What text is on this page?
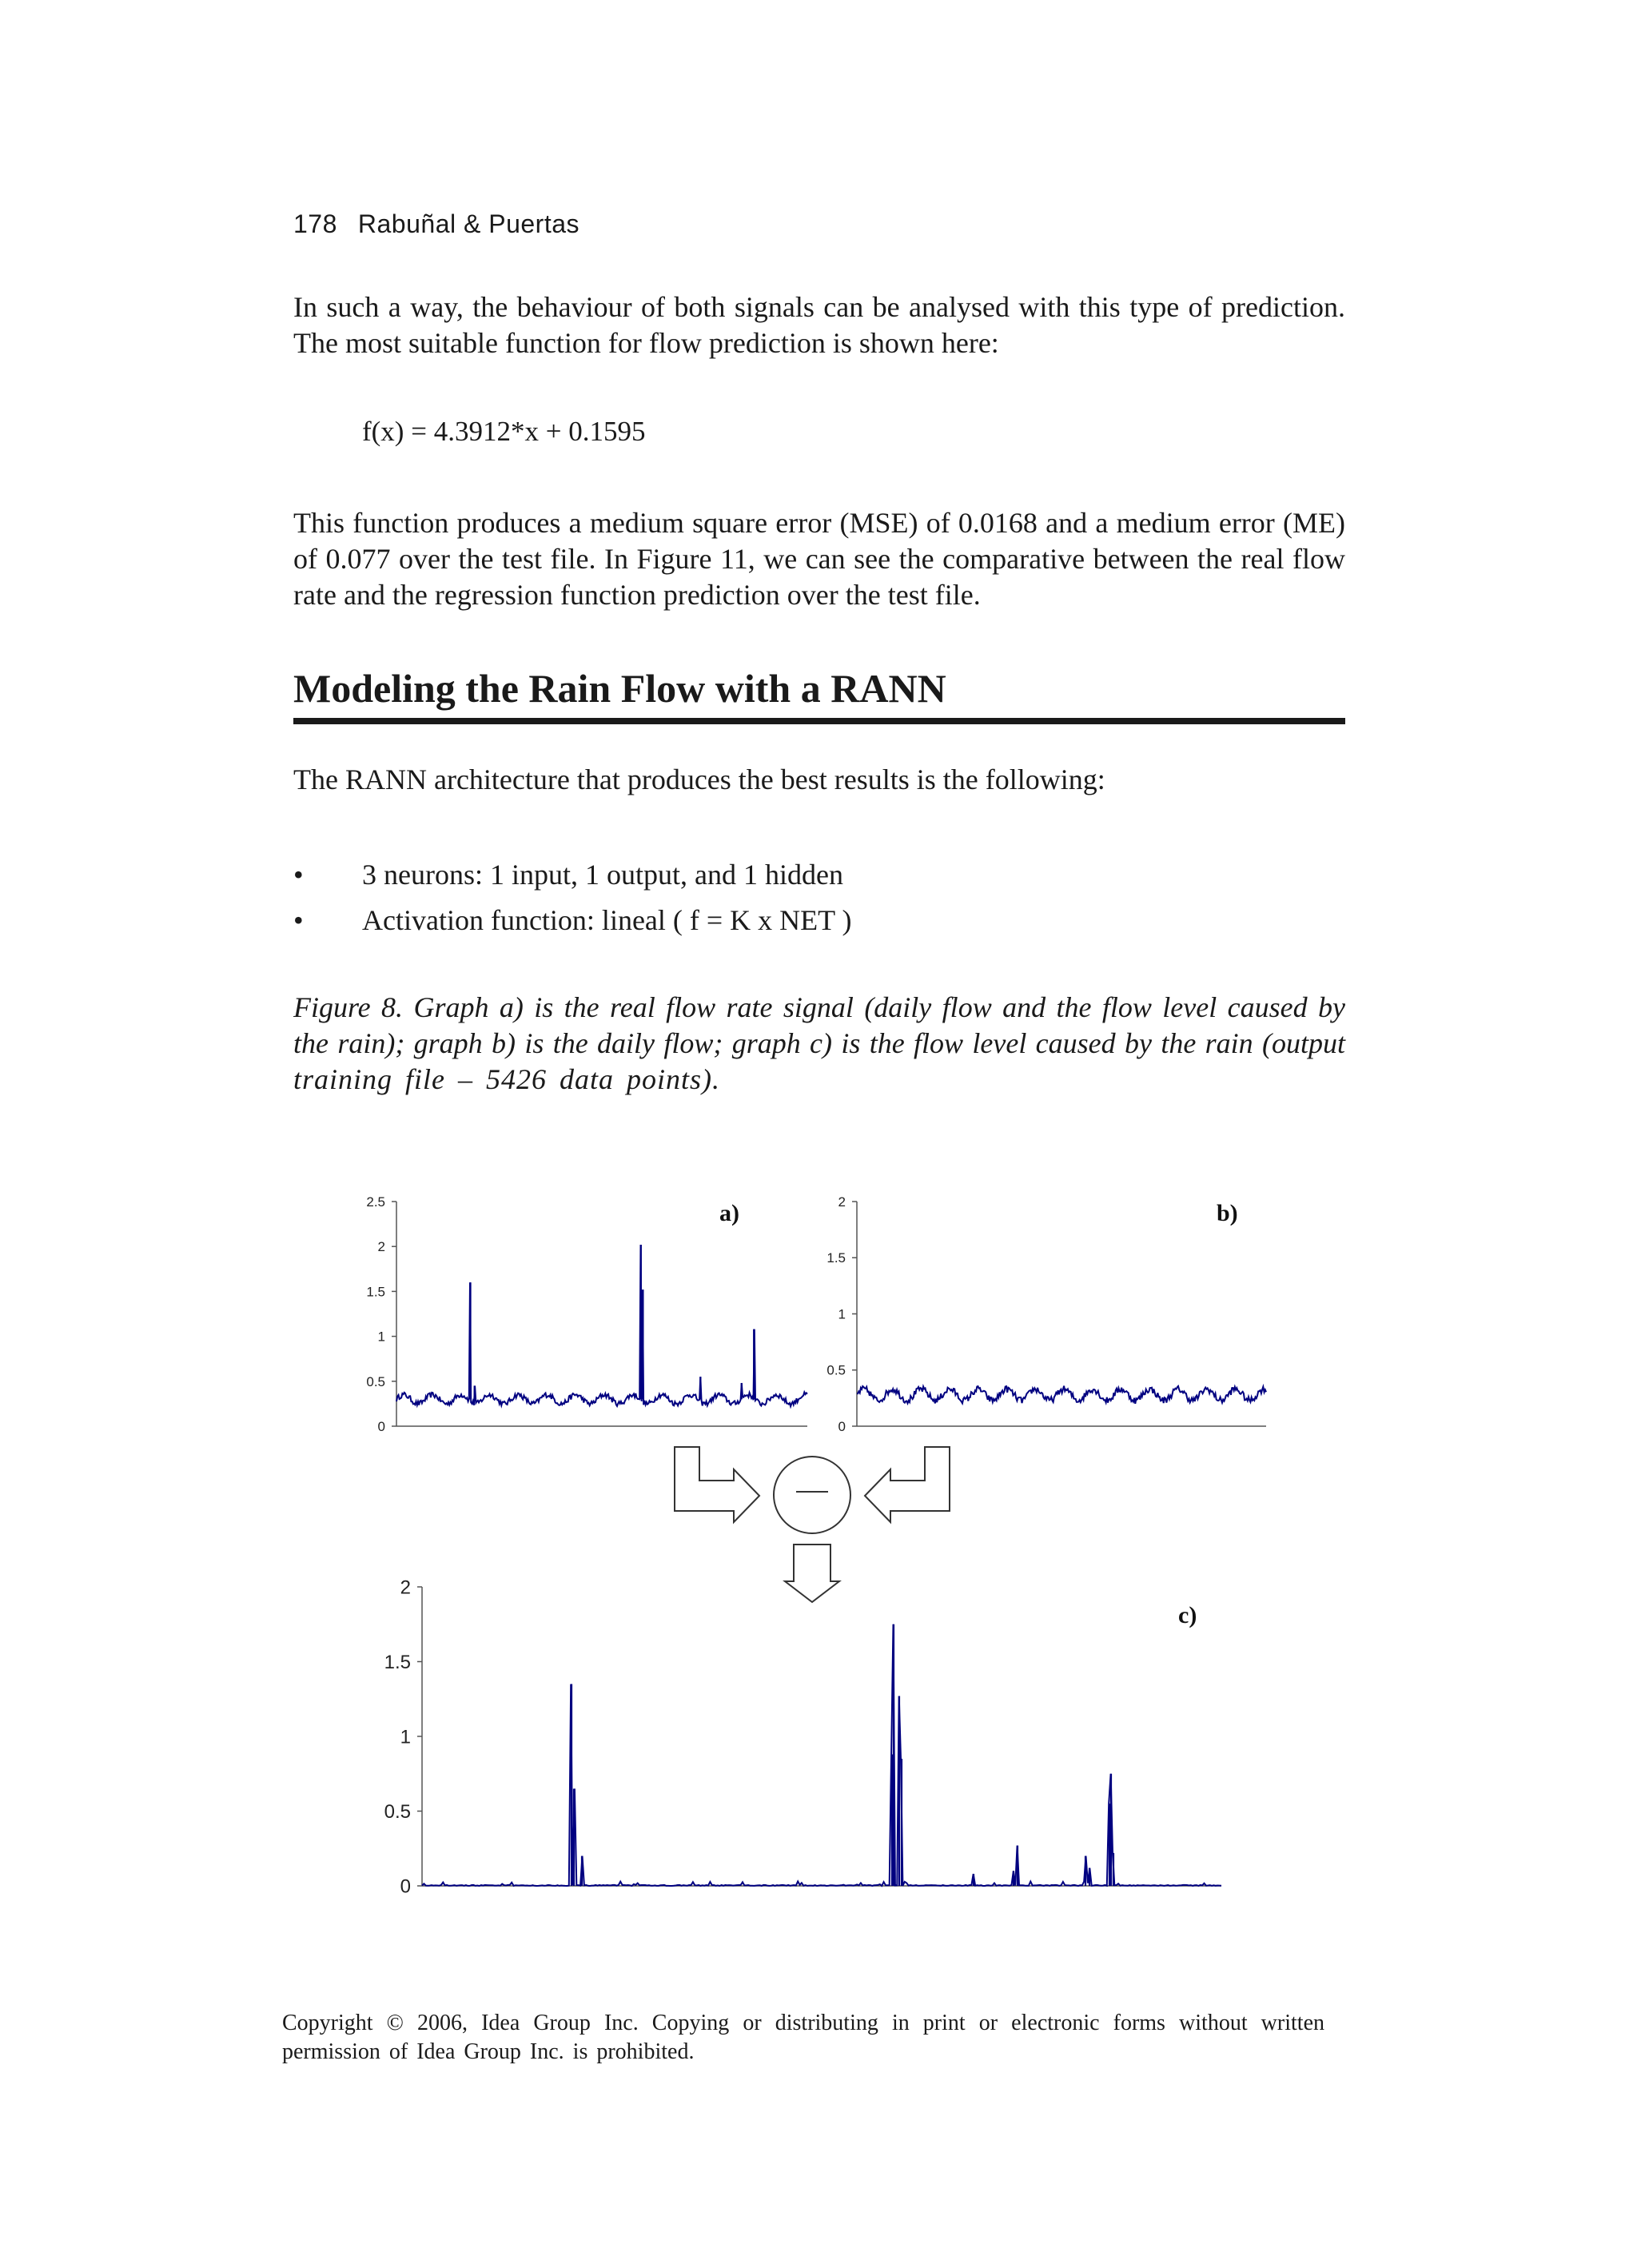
178 Rabuñal & Puertas

In such a way, the behaviour of both signals can be analysed with this type of prediction.
The most suitable function for flow prediction is shown here:

f(x) = 4.3912*x + 0.1595

This function produces a medium square error (MSE) of 0.0168 and a medium error (ME)
of 0.077 over the test file. In Figure 11, we can see the comparative between the real flow
rate and the regression function prediction over the test file.

Modeling the Rain Flow with a RANN
The RANN architecture that produces the best results is the following:
• 3 neurons: 1 input, 1 output, and 1 hidden
• Activation function: lineal ( f = K x NET )

Figure 8. Graph a) is the real flow rate signal (daily flow and the flow level caused by
the rain); graph b) is the daily flow; graph c) is the flow level caused by the rain (output
training file – 5426 data points).

0
0.5
1
1.5
2
2.5	a)
0
0.5
1
1.5
2	b)
0
0.5
1
1.5
2
c)

Copyright © 2006, Idea Group Inc. Copying or distributing in print or electronic forms without written
permission of Idea Group Inc. is prohibited.
